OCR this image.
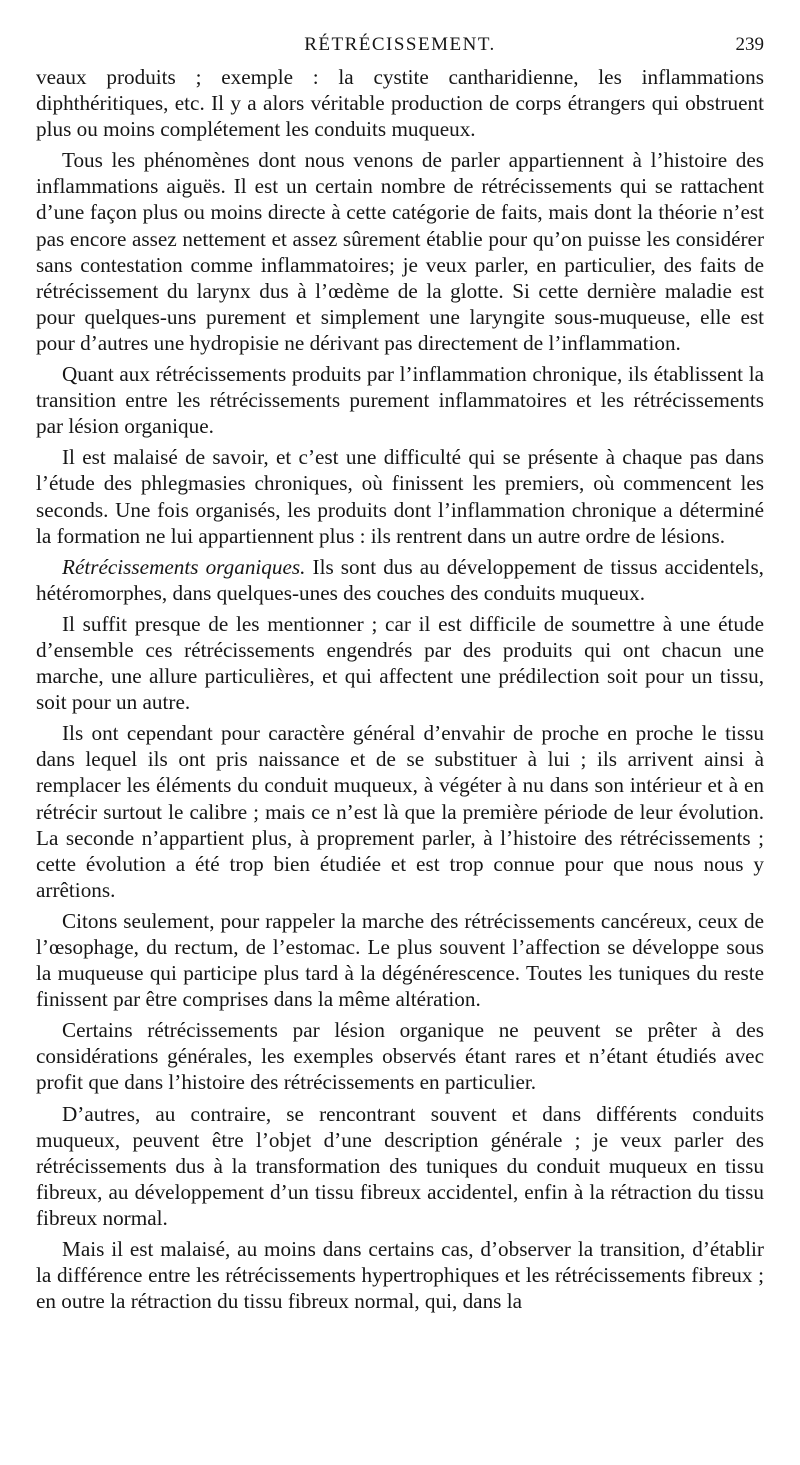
RÉTRÉCISSEMENT.	239

veaux produits ; exemple : la cystite cantharidienne, les inflammations diphthéritiques, etc. Il y a alors véritable production de corps étrangers qui obstruent plus ou moins complétement les conduits muqueux.

Tous les phénomènes dont nous venons de parler appartiennent à l’histoire des inflammations aiguës. Il est un certain nombre de rétrécissements qui se rattachent d’une façon plus ou moins directe à cette catégorie de faits, mais dont la théorie n’est pas encore assez nettement et assez sûrement établie pour qu’on puisse les considérer sans contestation comme inflammatoires; je veux parler, en particulier, des faits de rétrécissement du larynx dus à l’œdème de la glotte. Si cette dernière maladie est pour quelques-uns purement et simplement une laryngite sous-muqueuse, elle est pour d’autres une hydropisie ne dérivant pas directement de l’inflammation.

Quant aux rétrécissements produits par l’inflammation chronique, ils établissent la transition entre les rétrécissements purement inflammatoires et les rétrécissements par lésion organique.

Il est malaisé de savoir, et c’est une difficulté qui se présente à chaque pas dans l’étude des phlegmasies chroniques, où finissent les premiers, où commencent les seconds. Une fois organisés, les produits dont l’inflammation chronique a déterminé la formation ne lui appartiennent plus : ils rentrent dans un autre ordre de lésions.

Rétrécissements organiques. Ils sont dus au développement de tissus accidentels, hétéromorphes, dans quelques-unes des couches des conduits muqueux.

Il suffit presque de les mentionner ; car il est difficile de soumettre à une étude d’ensemble ces rétrécissements engendrés par des produits qui ont chacun une marche, une allure particulières, et qui affectent une prédilection soit pour un tissu, soit pour un autre.

Ils ont cependant pour caractère général d’envahir de proche en proche le tissu dans lequel ils ont pris naissance et de se substituer à lui ; ils arrivent ainsi à remplacer les éléments du conduit muqueux, à végéter à nu dans son intérieur et à en rétrécir surtout le calibre ; mais ce n’est là que la première période de leur évolution. La seconde n’appartient plus, à proprement parler, à l’histoire des rétrécissements ; cette évolution a été trop bien étudiée et est trop connue pour que nous nous y arrêtions.

Citons seulement, pour rappeler la marche des rétrécissements cancéreux, ceux de l’œsophage, du rectum, de l’estomac. Le plus souvent l’affection se développe sous la muqueuse qui participe plus tard à la dégénérescence. Toutes les tuniques du reste finissent par être comprises dans la même altération.

Certains rétrécissements par lésion organique ne peuvent se prêter à des considérations générales, les exemples observés étant rares et n’étant étudiés avec profit que dans l’histoire des rétrécissements en particulier.

D’autres, au contraire, se rencontrant souvent et dans différents conduits muqueux, peuvent être l’objet d’une description générale ; je veux parler des rétrécissements dus à la transformation des tuniques du conduit muqueux en tissu fibreux, au développement d’un tissu fibreux accidentel, enfin à la rétraction du tissu fibreux normal.

Mais il est malaisé, au moins dans certains cas, d’observer la transition, d’établir la différence entre les rétrécissements hypertrophiques et les rétrécissements fibreux ; en outre la rétraction du tissu fibreux normal, qui, dans la
